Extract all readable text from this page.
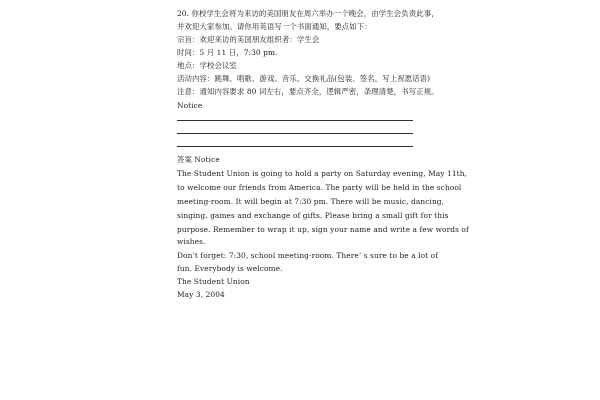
20. 你校学生会将为来访的美国朋友在周六举办一个晚会，由学生会负责此事，
并欢迎大家参加。请你用英语写一个书面通知，要点如下：
宗旨：欢迎来访的美国朋友组织者：学生会
时间：5 月 11 日，7:30 pm.
地点：学校会议室
活动内容：跳舞、唱歌、游戏、音乐、交换礼品(包装、签名，写上祝愿话语)
注意：通知内容要求 80 词左右，要点齐全，逻辑严密，条理清楚，书写正规。
Notice
答案 Notice
The Student Union is going to hold a party on Saturday evening, May 11th,
to welcome our friends from America. The party will be held in the school
meeting-room. It will begin at 7:30 pm. There will be music, dancing,
singing, games and exchange of gifts. Please bring a small gift for this
purpose. Remember to wrap it up, sign your name and write a few words of
wishes.
Don’t forget: 7:30, school meeting-room. There’ s sure to be a lot of
fun. Everybody is welcome.
The Student Union
May 3, 2004
